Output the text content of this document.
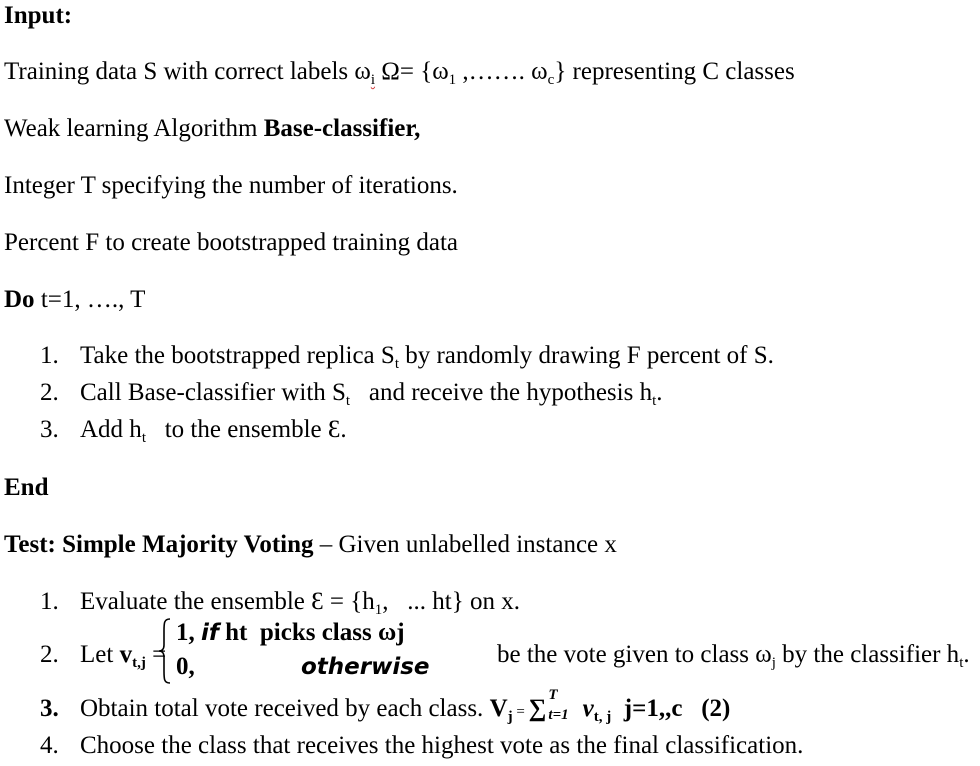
Input:
Training data S with correct labels $\omega_i$ $\Omega= \{\omega_1$ ,……. $\omega_c$} representing C classes
Weak learning Algorithm Base-classifier,
Integer T specifying the number of iterations.
Percent F to create bootstrapped training data
Do t=1, …., T
1. Take the bootstrapped replica $S_t$ by randomly drawing F percent of S.
2. Call Base-classifier with $S_t$   and receive the hypothesis $h_t$.
3. Add $h_t$   to the ensemble Ɛ.
End
Test: Simple Majority Voting – Given unlabelled instance x
1. Evaluate the ensemble Ɛ = {$h_1$,   ... ht} on x.
2. Let $v_{t,j}$ =
1, if ht  picks class ωj
0,	otherwise	be the vote given to class $\omega_j$ by the classifier $h_t$.
3. Obtain total vote received by each class. $V_j$ = ∑ T
t=1 $v_{t, j}$  j=1,,c   (2)
4. Choose the class that receives the highest vote as the final classification.
